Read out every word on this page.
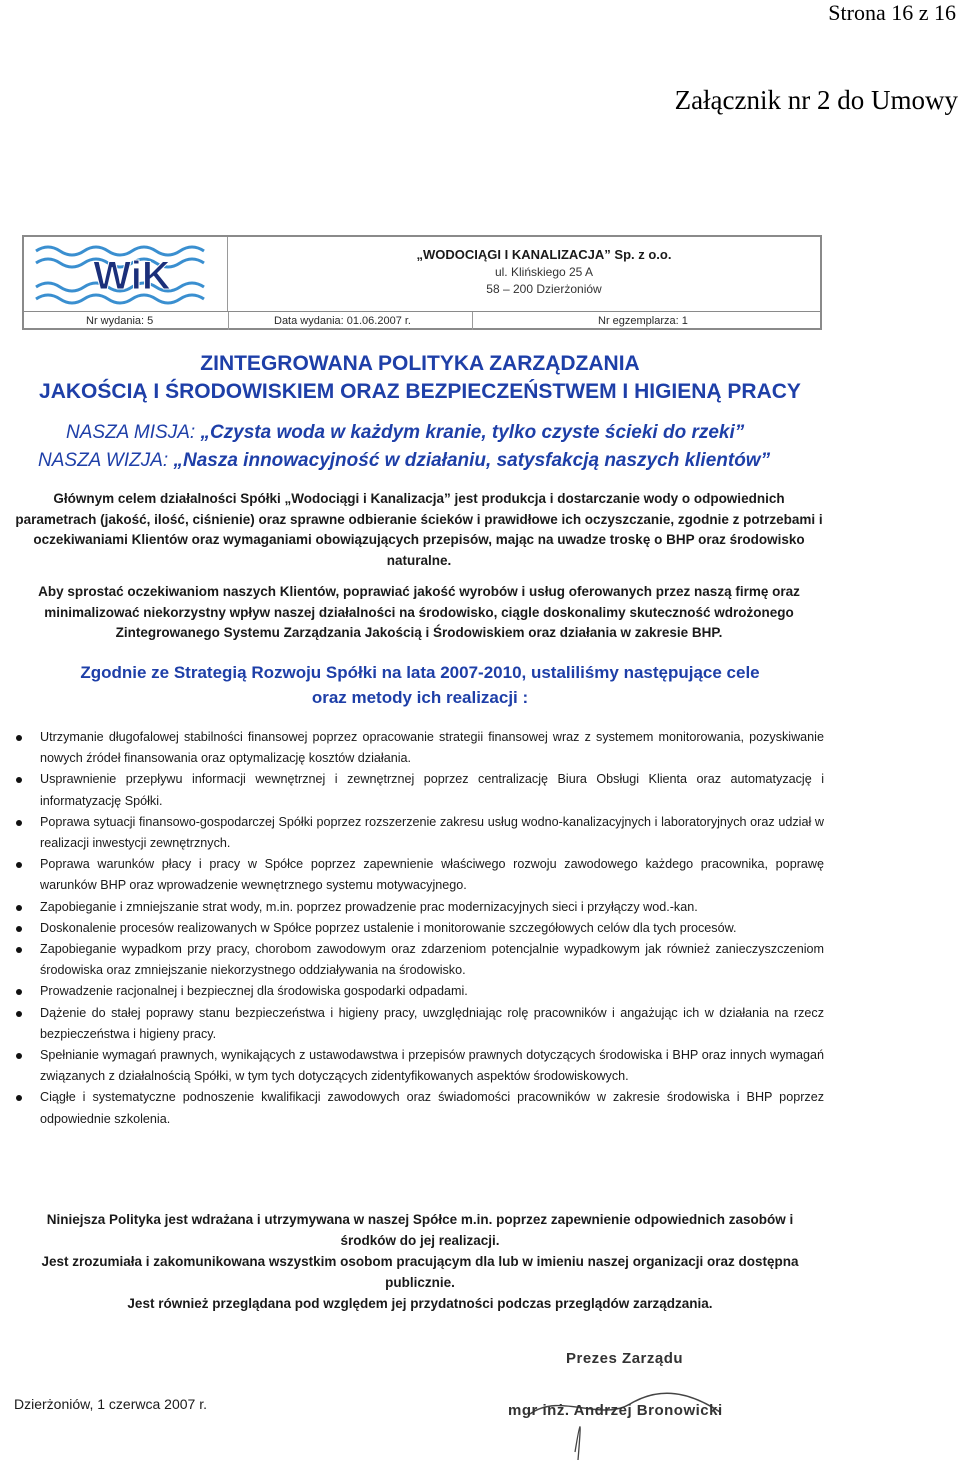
Strona 16 z 16
Załącznik nr 2 do Umowy
WiK	„WODOCIĄGI I KANALIZACJA” Sp. z o.o.
ul. Klińskiego 25 A
58 – 200 Dzierżoniów
Nr wydania: 5	Data wydania: 01.06.2007 r.	Nr egzemplarza: 1
ZINTEGROWANA POLITYKA ZARZĄDZANIA
JAKOŚCIĄ I ŚRODOWISKIEM ORAZ BEZPIECZEŃSTWEM I HIGIENĄ PRACY
NASZA MISJA: „Czysta woda w każdym kranie, tylko czyste ścieki do rzeki”
NASZA WIZJA: „Nasza innowacyjność w działaniu, satysfakcją naszych klientów”
Głównym celem działalności Spółki „Wodociągi i Kanalizacja” jest produkcja i dostarczanie wody o odpowiednich parametrach (jakość, ilość, ciśnienie) oraz sprawne odbieranie ścieków i prawidłowe ich oczyszczanie, zgodnie z potrzebami i oczekiwaniami Klientów oraz wymaganiami obowiązujących przepisów, mając na uwadze troskę o BHP oraz środowisko naturalne.
Aby sprostać oczekiwaniom naszych Klientów, poprawiać jakość wyrobów i usług oferowanych przez naszą firmę oraz minimalizować niekorzystny wpływ naszej działalności na środowisko, ciągle doskonalimy skuteczność wdrożonego Zintegrowanego Systemu Zarządzania Jakością i Środowiskiem oraz działania w zakresie BHP.
Zgodnie ze Strategią Rozwoju Spółki na lata 2007-2010, ustaliliśmy następujące cele
oraz metody ich realizacji :
Utrzymanie długofalowej stabilności finansowej poprzez opracowanie strategii finansowej wraz z systemem monitorowania, pozyskiwanie nowych źródeł finansowania oraz optymalizację kosztów działania.
Usprawnienie przepływu informacji wewnętrznej i zewnętrznej poprzez centralizację Biura Obsługi Klienta oraz automatyzację i informatyzację Spółki.
Poprawa sytuacji finansowo-gospodarczej Spółki poprzez rozszerzenie zakresu usług wodno-kanalizacyjnych i laboratoryjnych oraz udział w realizacji inwestycji zewnętrznych.
Poprawa warunków płacy i pracy w Spółce poprzez zapewnienie właściwego rozwoju zawodowego każdego pracownika, poprawę warunków BHP oraz wprowadzenie wewnętrznego systemu motywacyjnego.
Zapobieganie i zmniejszanie strat wody, m.in. poprzez prowadzenie prac modernizacyjnych sieci i przyłączy wod.-kan.
Doskonalenie procesów realizowanych w Spółce poprzez ustalenie i monitorowanie szczegółowych celów dla tych procesów.
Zapobieganie wypadkom przy pracy, chorobom zawodowym oraz zdarzeniom potencjalnie wypadkowym jak również zanieczyszczeniom środowiska oraz zmniejszanie niekorzystnego oddziaływania na środowisko.
Prowadzenie racjonalnej i bezpiecznej dla środowiska gospodarki odpadami.
Dążenie do stałej poprawy stanu bezpieczeństwa i higieny pracy, uwzględniając rolę pracowników i angażując ich w działania na rzecz bezpieczeństwa i higieny pracy.
Spełnianie wymagań prawnych, wynikających z ustawodawstwa i przepisów prawnych dotyczących środowiska i BHP oraz innych wymagań związanych z działalnością Spółki, w tym tych dotyczących zidentyfikowanych aspektów środowiskowych.
Ciągłe i systematyczne podnoszenie kwalifikacji zawodowych oraz świadomości pracowników w zakresie środowiska i BHP poprzez odpowiednie szkolenia.
Niniejsza Polityka jest wdrażana i utrzymywana w naszej Spółce m.in. poprzez zapewnienie odpowiednich zasobów i środków do jej realizacji.
Jest zrozumiała i zakomunikowana wszystkim osobom pracującym dla lub w imieniu naszej organizacji oraz dostępna publicznie.
Jest również przeglądana pod względem jej przydatności podczas przeglądów zarządzania.
Dzierżoniów, 1 czerwca 2007 r.
Prezes Zarządu
mgr inż. Andrzej Bronowicki
